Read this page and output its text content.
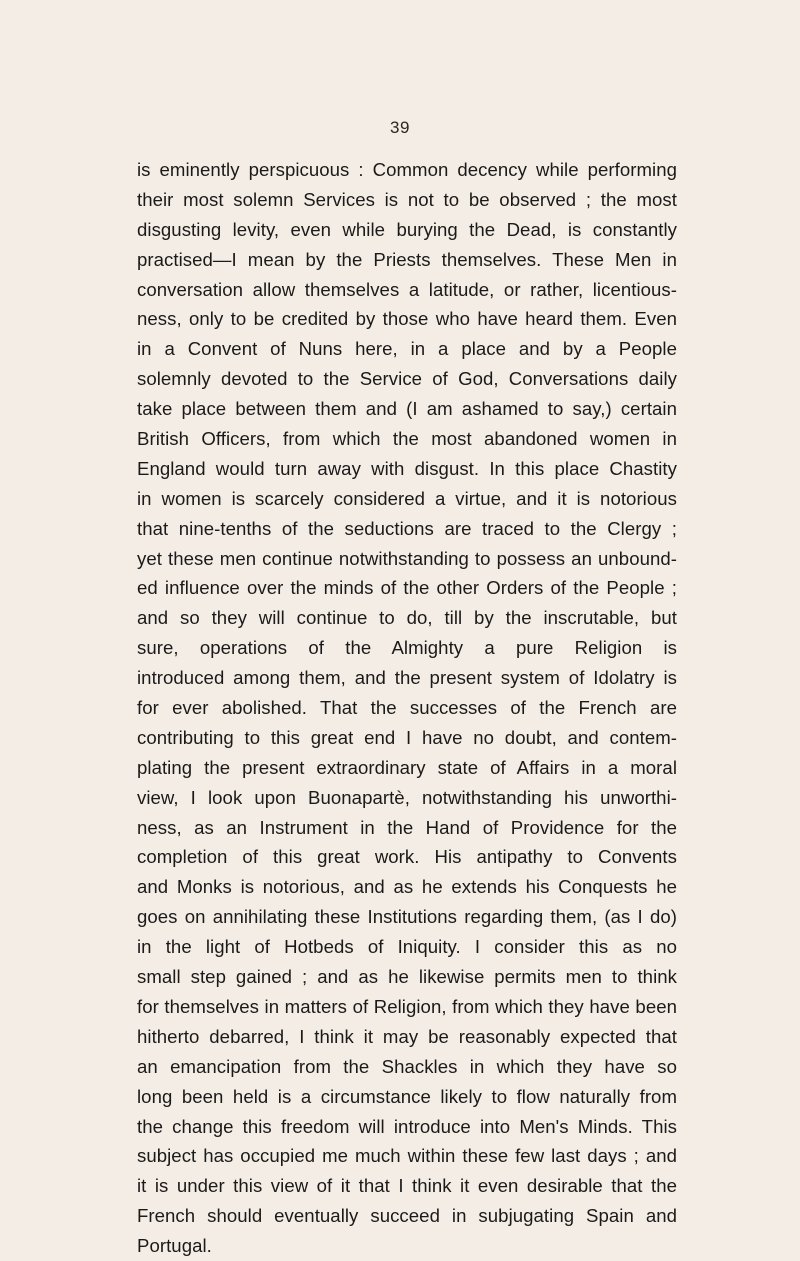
39
is eminently perspicuous : Common decency while performing
their most solemn Services is not to be observed ; the most
disgusting levity, even while burying the Dead, is constantly
practised—I mean by the Priests themselves. These Men in
conversation allow themselves a latitude, or rather, licentious-
ness, only to be credited by those who have heard them. Even
in a Convent of Nuns here, in a place and by a People
solemnly devoted to the Service of God, Conversations daily
take place between them and (I am ashamed to say,) certain
British Officers, from which the most abandoned women in
England would turn away with disgust. In this place Chastity
in women is scarcely considered a virtue, and it is notorious
that nine-tenths of the seductions are traced to the Clergy ;
yet these men continue notwithstanding to possess an unbound-
ed influence over the minds of the other Orders of the People ;
and so they will continue to do, till by the inscrutable, but
sure, operations of the Almighty a pure Religion is
introduced among them, and the present system of Idolatry is
for ever abolished. That the successes of the French are
contributing to this great end I have no doubt, and contem-
plating the present extraordinary state of Affairs in a moral
view, I look upon Buonapartè, notwithstanding his unworthi-
ness, as an Instrument in the Hand of Providence for the
completion of this great work. His antipathy to Convents
and Monks is notorious, and as he extends his Conquests he
goes on annihilating these Institutions regarding them, (as I do)
in the light of Hotbeds of Iniquity. I consider this as no
small step gained ; and as he likewise permits men to think
for themselves in matters of Religion, from which they have been
hitherto debarred, I think it may be reasonably expected that
an emancipation from the Shackles in which they have so
long been held is a circumstance likely to flow naturally from
the change this freedom will introduce into Men's Minds. This
subject has occupied me much within these few last days ; and
it is under this view of it that I think it even desirable that the
French should eventually succeed in subjugating Spain and
Portugal.
